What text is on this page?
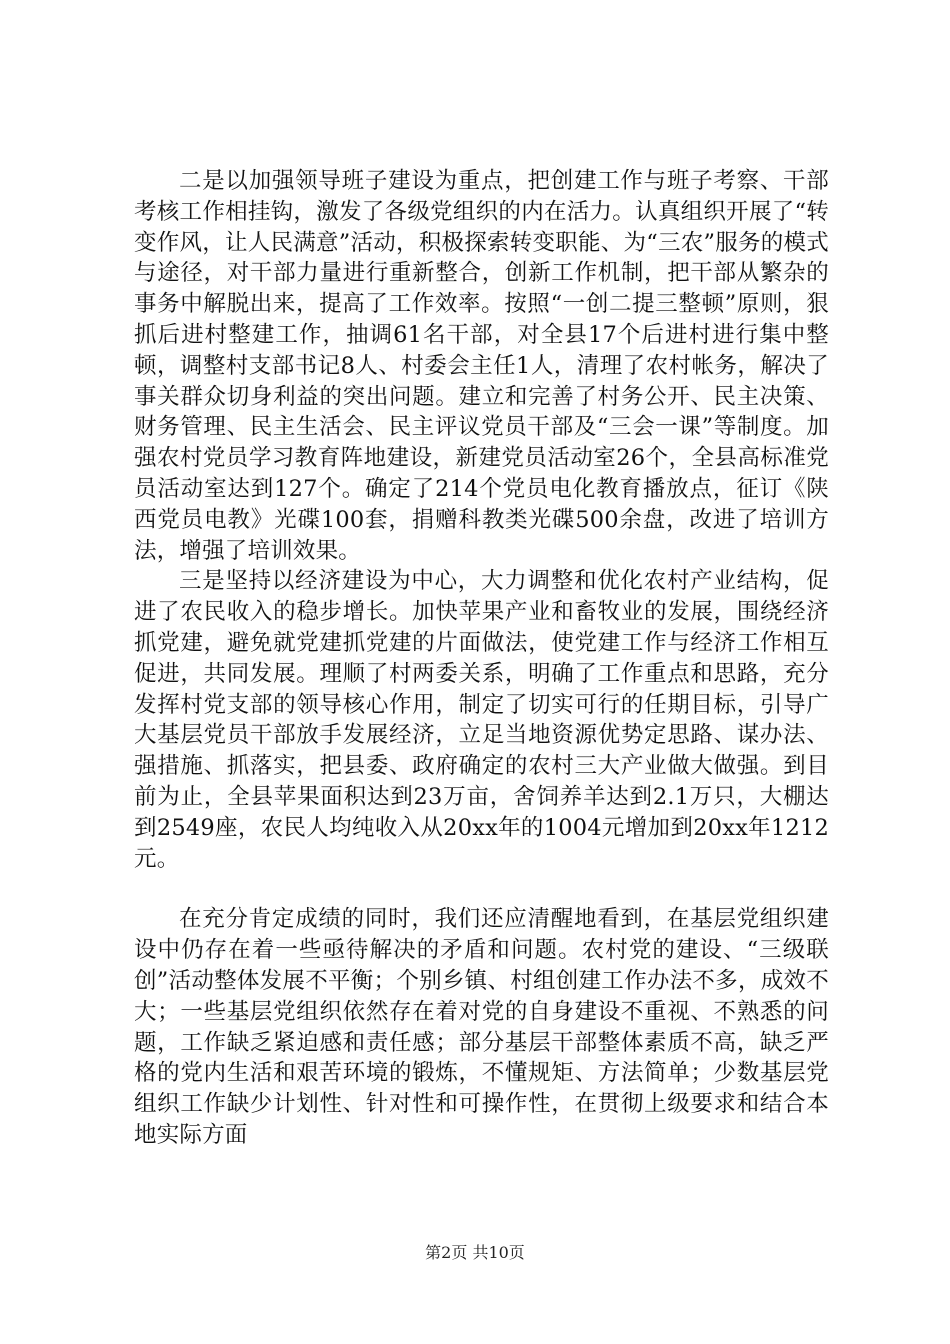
二是以加强领导班子建设为重点，把创建工作与班子考察、干部考核工作相挂钩，激发了各级党组织的内在活力。认真组织开展了“转变作风，让人民满意”活动，积极探索转变职能、为“三农”服务的模式与途径，对干部力量进行重新整合，创新工作机制，把干部从繁杂的事务中解脱出来，提高了工作效率。按照“一创二提三整顿”原则，狠抓后进村整建工作，抽调61名干部，对全县17个后进村进行集中整顿，调整村支部书记8人、村委会主任1人，清理了农村帐务，解决了事关群众切身利益的突出问题。建立和完善了村务公开、民主决策、财务管理、民主生活会、民主评议党员干部及“三会一课”等制度。加强农村党员学习教育阵地建设，新建党员活动室26个，全县高标准党员活动室达到127个。确定了214个党员电化教育播放点，征订《陕西党员电教》光碟100套，捐赠科教类光碟500余盘，改进了培训方法，增强了培训效果。

三是坚持以经济建设为中心，大力调整和优化农村产业结构，促进了农民收入的稳步增长。加快苹果产业和畜牧业的发展，围绕经济抓党建，避免就党建抓党建的片面做法，使党建工作与经济工作相互促进，共同发展。理顺了村两委关系，明确了工作重点和思路，充分发挥村党支部的领导核心作用，制定了切实可行的任期目标，引导广大基层党员干部放手发展经济，立足当地资源优势定思路、谋办法、强措施、抓落实，把县委、政府确定的农村三大产业做大做强。到目前为止，全县苹果面积达到23万亩，舍饲养羊达到2.1万只，大棚达到2549座，农民人均纯收入从20xx年的1004元增加到20xx年1212元。

在充分肯定成绩的同时，我们还应清醒地看到，在基层党组织建设中仍存在着一些亟待解决的矛盾和问题。农村党的建设、“三级联创”活动整体发展不平衡；个别乡镇、村组创建工作办法不多，成效不大；一些基层党组织依然存在着对党的自身建设不重视、不熟悉的问题，工作缺乏紧迫感和责任感；部分基层干部整体素质不高，缺乏严格的党内生活和艰苦环境的锻炼，不懂规矩、方法简单；少数基层党组织工作缺少计划性、针对性和可操作性，在贯彻上级要求和结合本地实际方面

第2页 共10页
